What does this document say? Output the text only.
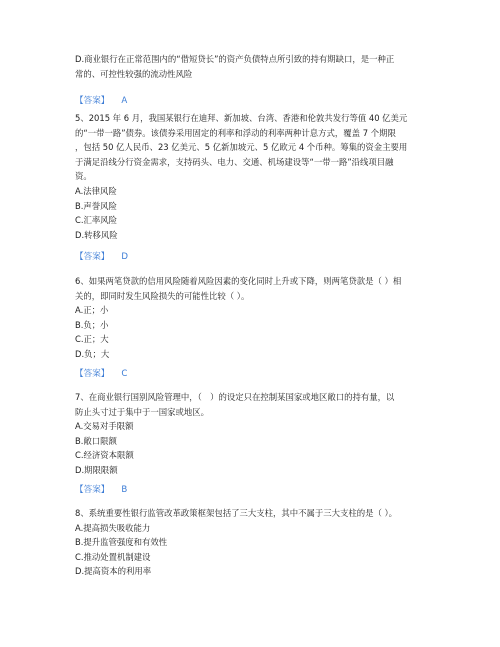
D.商业银行在正常范围内的“借短贷长”的资产负债特点所引致的持有期缺口，是一种正
常的、可控性较强的流动性风险
【答案】 A
5、2015 年 6 月，我国某银行在迪拜、新加坡、台湾、香港和伦敦共发行等值 40 亿美元
的“一带一路”债券。该债券采用固定的利率和浮动的利率两种计息方式，覆盖 7 个期限
，包括 50 亿人民币、23 亿美元、5 亿新加坡元、5 亿欧元 4 个币种。筹集的资金主要用
于满足沿线分行资金需求，支持码头、电力、交通、机场建设等“一带一路”沿线项目融
资。
A.法律风险
B.声誉风险
C.汇率风险
D.转移风险
【答案】 D
6、如果两笔贷款的信用风险随着风险因素的变化同时上升或下降，则两笔贷款是（ ）相
关的，即同时发生风险损失的可能性比较（ ）。
A.正；小
B.负；小
C.正；大
D.负；大
【答案】 C
7、在商业银行国别风险管理中，（　）的设定只在控制某国家或地区敞口的持有量，以
防止头寸过于集中于一国家或地区。
A.交易对手限额
B.敞口限额
C.经济资本限额
D.期限限额
【答案】 B
8、系统重要性银行监管改革政策框架包括了三大支柱，其中不属于三大支柱的是（ ）。
A.提高损失吸收能力
B.提升监管强度和有效性
C.推动处置机制建设
D.提高资本的利用率
